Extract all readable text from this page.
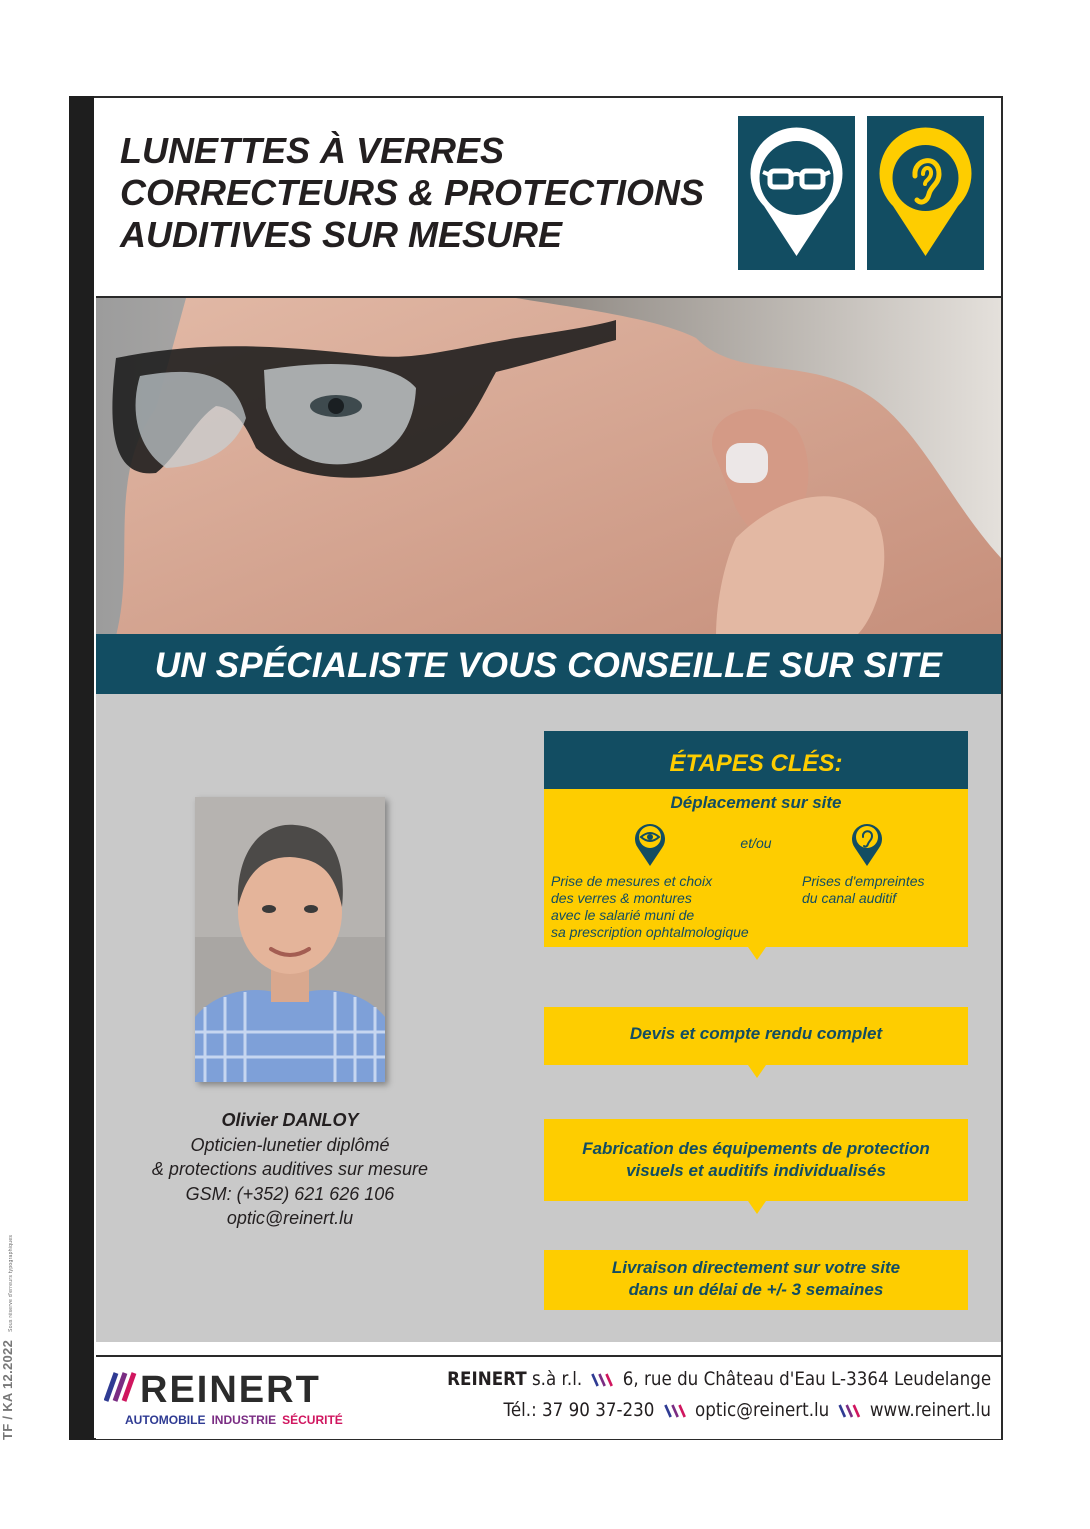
TF / KA 12.2022Sous réserve d'erreurs typographiques
LUNETTES À VERRES
CORRECTEURS & PROTECTIONS
AUDITIVES SUR MESURE
UN SPÉCIALISTE VOUS CONSEILLE SUR SITE
Olivier DANLOY
Opticien-lunetier diplômé
& protections auditives sur mesure
GSM: (+352) 621 626 106
optic@reinert.lu
ÉTAPES CLÉS:
Déplacement sur site
et/ou
Prise de mesures et choix
des verres & montures
avec le salarié muni de
sa prescription ophtalmologique
Prises d'empreintes
du canal auditif
Devis et compte rendu complet
Fabrication des équipements de protection
visuels et auditifs individualisés
Livraison directement sur votre site
dans un délai de +/- 3 semaines
REINERT
AUTOMOBILE INDUSTRIE SÉCURITÉ
REINERT s.à r.l. 6, rue du Château d'Eau L-3364 Leudelange
Tél.: 37 90 37-230 optic@reinert.lu www.reinert.lu
